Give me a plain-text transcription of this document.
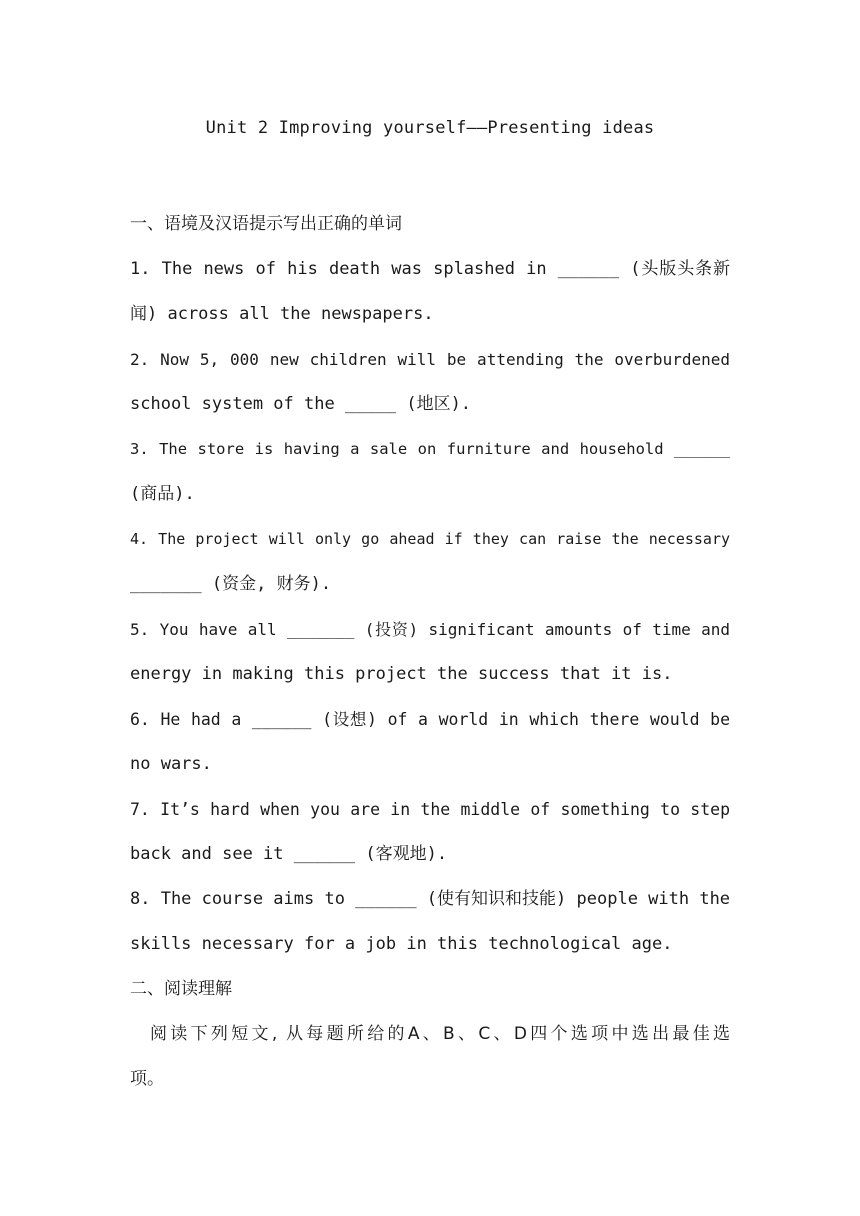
Unit 2 Improving yourself——Presenting ideas
一、语境及汉语提示写出正确的单词
1. The news of his death was splashed in ______ (头版头条新
闻) across all the newspapers.
2. Now 5, 000 new children will be attending the overburdened
school system of the _____ (地区).
3. The store is having a sale on furniture and household ______
(商品).
4. The project will only go ahead if they can raise the necessary
_______ (资金, 财务).
5. You have all _______ (投资) significant amounts of time and
energy in making this project the success that it is.
6. He had a ______ (设想) of a world in which there would be
no wars.
7. It’s hard when you are in the middle of something to step
back and see it ______ (客观地).
8. The course aims to ______ (使有知识和技能) people with the
skills necessary for a job in this technological age.
二、阅读理解
阅读下列短文, 从每题所给的A、B、C、D四个选项中选出最佳选
项。
